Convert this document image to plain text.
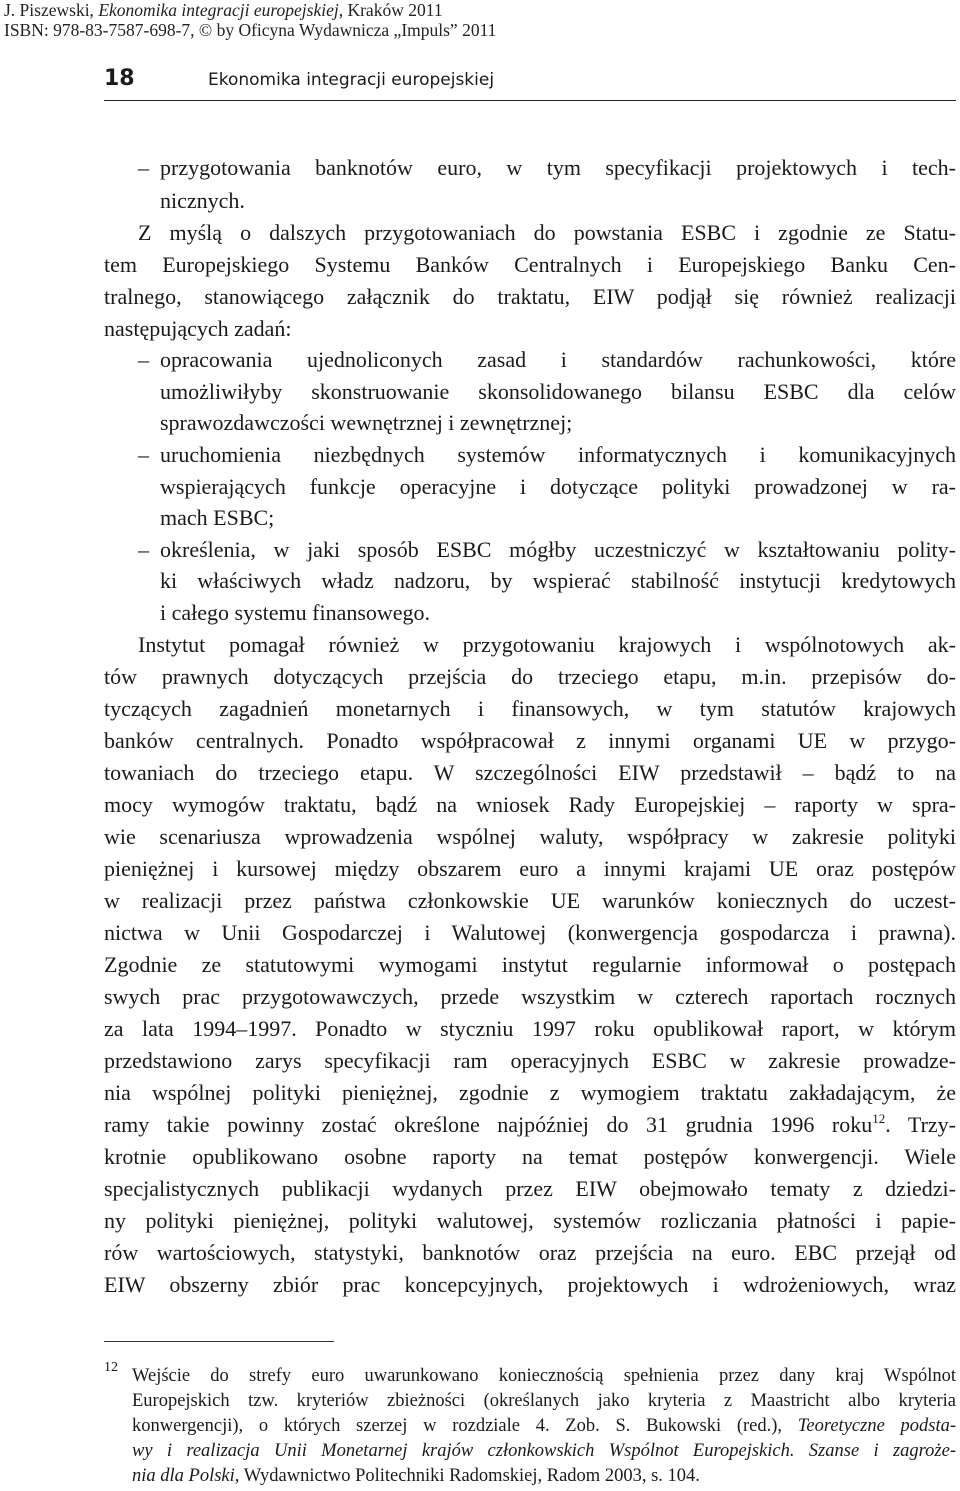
J. Piszewski, Ekonomika integracji europejskiej, Kraków 2011
ISBN: 978-83-7587-698-7, © by Oficyna Wydawnicza „Impuls” 2011
18	Ekonomika integracji europejskiej
– przygotowania banknotów euro, w tym specyfikacji projektowych i tech-
nicznych.
Z myślą o dalszych przygotowaniach do powstania ESBC i zgodnie ze Statu-
tem Europejskiego Systemu Banków Centralnych i Europejskiego Banku Cen-
tralnego, stanowiącego załącznik do traktatu, EIW podjął się również realizacji
następujących zadań:
– opracowania ujednoliconych zasad i standardów rachunkowości, które
umożliwiłyby skonstruowanie skonsolidowanego bilansu ESBC dla celów
sprawozdawczości wewnętrznej i zewnętrznej;
– uruchomienia niezbędnych systemów informatycznych i komunikacyjnych
wspierających funkcje operacyjne i dotyczące polityki prowadzonej w ra-
mach ESBC;
– określenia, w jaki sposób ESBC mógłby uczestniczyć w kształtowaniu polity-
ki właściwych władz nadzoru, by wspierać stabilność instytucji kredytowych
i całego systemu finansowego.
Instytut pomagał również w przygotowaniu krajowych i wspólnotowych ak-
tów prawnych dotyczących przejścia do trzeciego etapu, m.in. przepisów do-
tyczących zagadnień monetarnych i finansowych, w tym statutów krajowych
banków centralnych. Ponadto współpracował z innymi organami UE w przygo-
towaniach do trzeciego etapu. W szczególności EIW przedstawił – bądź to na
mocy wymogów traktatu, bądź na wniosek Rady Europejskiej – raporty w spra-
wie scenariusza wprowadzenia wspólnej waluty, współpracy w zakresie polityki
pieniężnej i kursowej między obszarem euro a innymi krajami UE oraz postępów
w realizacji przez państwa członkowskie UE warunków koniecznych do uczest-
nictwa w Unii Gospodarczej i Walutowej (konwergencja gospodarcza i prawna).
Zgodnie ze statutowymi wymogami instytut regularnie informował o postępach
swych prac przygotowawczych, przede wszystkim w czterech raportach rocznych
za lata 1994–1997. Ponadto w styczniu 1997 roku opublikował raport, w którym
przedstawiono zarys specyfikacji ram operacyjnych ESBC w zakresie prowadze-
nia wspólnej polityki pieniężnej, zgodnie z wymogiem traktatu zakładającym, że
ramy takie powinny zostać określone najpóźniej do 31 grudnia 1996 roku$^{12}$. Trzy-
krotnie opublikowano osobne raporty na temat postępów konwergencji. Wiele
specjalistycznych publikacji wydanych przez EIW obejmowało tematy z dziedzi-
ny polityki pieniężnej, polityki walutowej, systemów rozliczania płatności i papie-
rów wartościowych, statystyki, banknotów oraz przejścia na euro. EBC przejął od
EIW obszerny zbiór prac koncepcyjnych, projektowych i wdrożeniowych, wraz
12 Wejście do strefy euro uwarunkowano koniecznością spełnienia przez dany kraj Wspólnot
Europejskich tzw. kryteriów zbieżności (określanych jako kryteria z Maastricht albo kryteria
konwergencji), o których szerzej w rozdziale 4. Zob. S. Bukowski (red.), Teoretyczne podsta-
wy i realizacja Unii Monetarnej krajów członkowskich Wspólnot Europejskich. Szanse i zagroże-
nia dla Polski, Wydawnictwo Politechniki Radomskiej, Radom 2003, s. 104.
